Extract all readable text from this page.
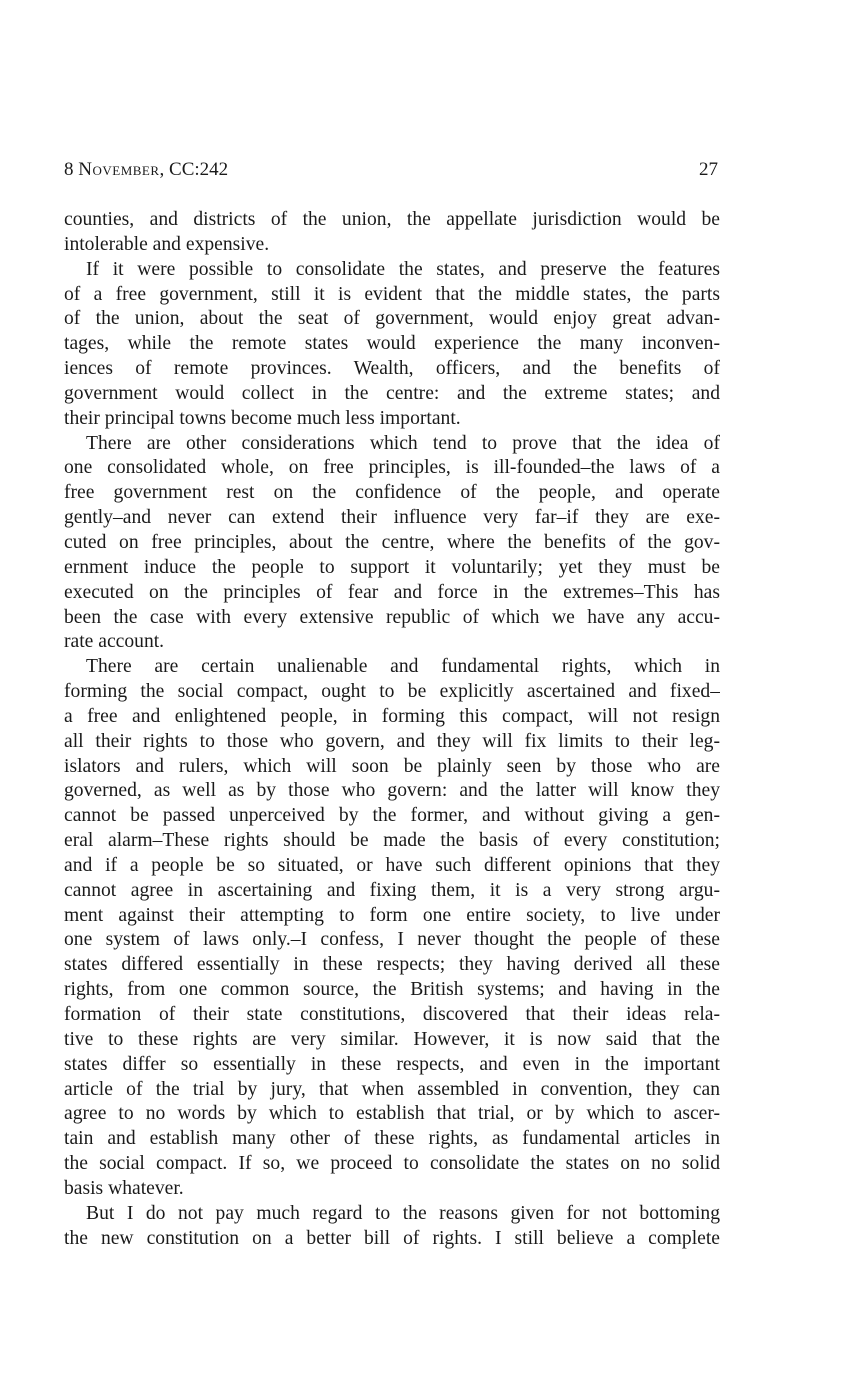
8 November, CC:242	27
counties, and districts of the union, the appellate jurisdiction would be
intolerable and expensive.
If it were possible to consolidate the states, and preserve the features
of a free government, still it is evident that the middle states, the parts
of the union, about the seat of government, would enjoy great advan-
tages, while the remote states would experience the many inconven-
iences of remote provinces. Wealth, officers, and the benefits of
government would collect in the centre: and the extreme states; and
their principal towns become much less important.
There are other considerations which tend to prove that the idea of
one consolidated whole, on free principles, is ill-founded–the laws of a
free government rest on the confidence of the people, and operate
gently–and never can extend their influence very far–if they are exe-
cuted on free principles, about the centre, where the benefits of the gov-
ernment induce the people to support it voluntarily; yet they must be
executed on the principles of fear and force in the extremes–This has
been the case with every extensive republic of which we have any accu-
rate account.
There are certain unalienable and fundamental rights, which in
forming the social compact, ought to be explicitly ascertained and fixed–
a free and enlightened people, in forming this compact, will not resign
all their rights to those who govern, and they will fix limits to their leg-
islators and rulers, which will soon be plainly seen by those who are
governed, as well as by those who govern: and the latter will know they
cannot be passed unperceived by the former, and without giving a gen-
eral alarm–These rights should be made the basis of every constitution;
and if a people be so situated, or have such different opinions that they
cannot agree in ascertaining and fixing them, it is a very strong argu-
ment against their attempting to form one entire society, to live under
one system of laws only.–I confess, I never thought the people of these
states differed essentially in these respects; they having derived all these
rights, from one common source, the British systems; and having in the
formation of their state constitutions, discovered that their ideas rela-
tive to these rights are very similar. However, it is now said that the
states differ so essentially in these respects, and even in the important
article of the trial by jury, that when assembled in convention, they can
agree to no words by which to establish that trial, or by which to ascer-
tain and establish many other of these rights, as fundamental articles in
the social compact. If so, we proceed to consolidate the states on no solid
basis whatever.
But I do not pay much regard to the reasons given for not bottoming
the new constitution on a better bill of rights. I still believe a complete
